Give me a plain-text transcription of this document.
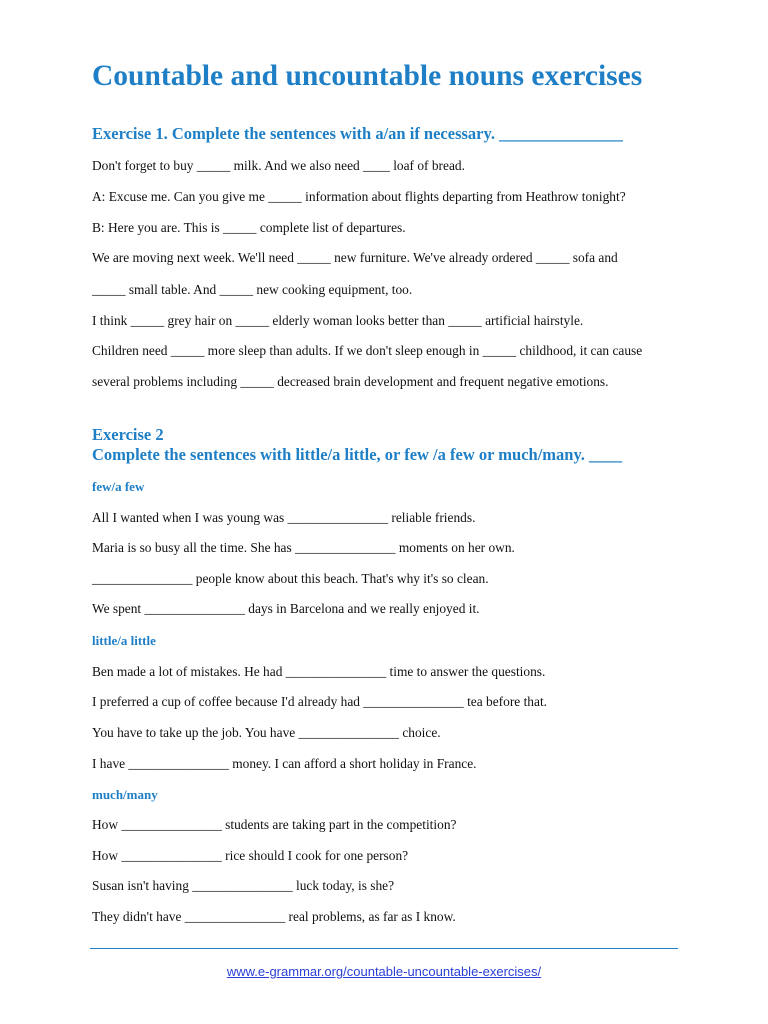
Countable and uncountable nouns exercises
Exercise 1. Complete the sentences with a/an if necessary. _______________

Don't forget to buy _____ milk. And we also need ____ loaf of bread.

A: Excuse me. Can you give me _____ information about flights departing from Heathrow tonight?

B: Here you are. This is _____ complete list of departures.

We are moving next week. We'll need _____ new furniture. We've already ordered _____ sofa and

_____ small table. And _____ new cooking equipment, too.

I think _____ grey hair on _____ elderly woman looks better than _____ artificial hairstyle.

Children need _____ more sleep than adults. If we don't sleep enough in _____ childhood, it can cause

several problems including _____ decreased brain development and frequent negative emotions.

Exercise 2
Complete the sentences with little/a little, or few /a few or much/many. ____
few/a few

All I wanted when I was young was _______________ reliable friends.

Maria is so busy all the time. She has _______________ moments on her own.

_______________ people know about this beach. That's why it's so clean.

We spent _______________ days in Barcelona and we really enjoyed it.

little/a little

Ben made a lot of mistakes. He had _______________ time to answer the questions.

I preferred a cup of coffee because I'd already had _______________ tea before that.

You have to take up the job. You have _______________ choice.

I have _______________ money. I can afford a short holiday in France.

much/many

How _______________ students are taking part in the competition?

How _______________ rice should I cook for one person?

Susan isn't having _______________ luck today, is she?

They didn't have _______________ real problems, as far as I know.

www.e-grammar.org/countable-uncountable-exercises/
